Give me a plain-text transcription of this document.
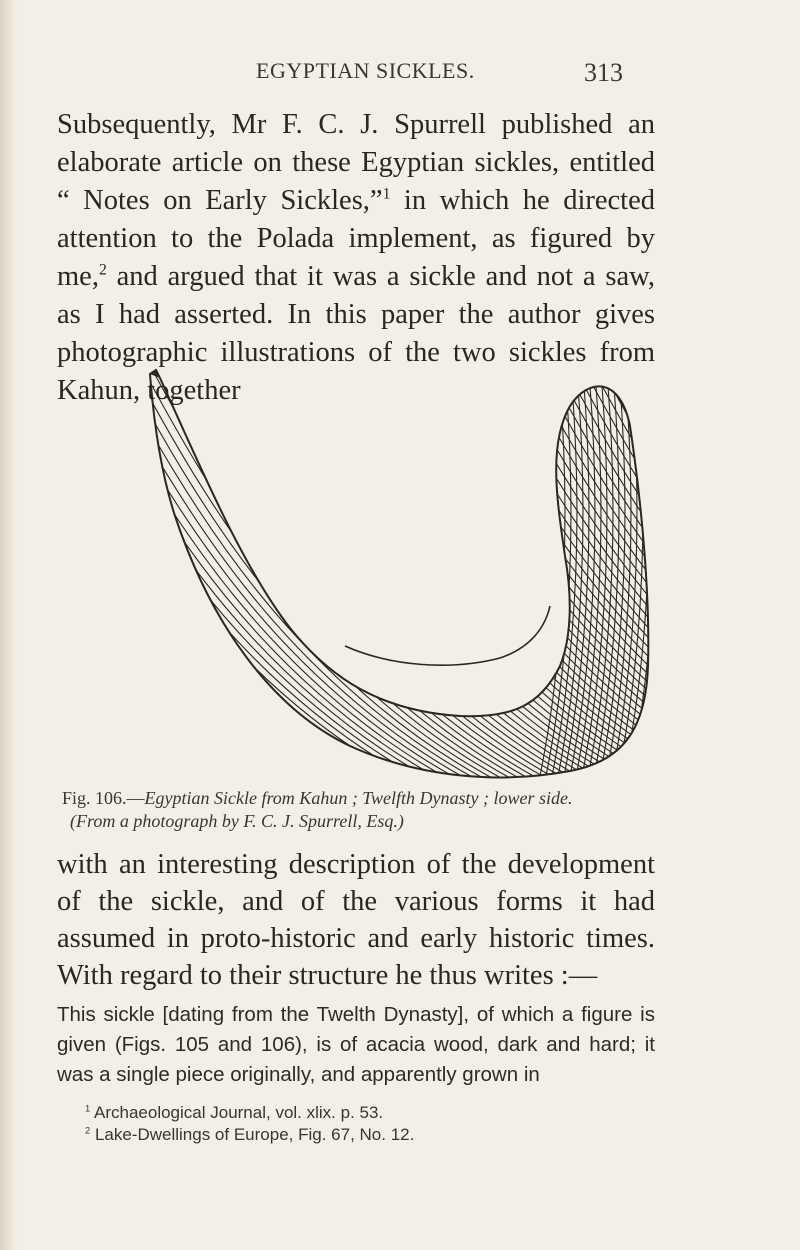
EGYPTIAN SICKLES.	313

Subsequently, Mr F. C. J. Spurrell published an elaborate article on these Egyptian sickles, entitled “ Notes on Early Sickles,”$^1$ in which he directed attention to the Polada implement, as figured by me,$^2$ and argued that it was a sickle and not a saw, as I had asserted. In this paper the author gives photographic illustrations of the two sickles from Kahun, together

Fig. 106.—Egyptian Sickle from Kahun ; Twelfth Dynasty ; lower side.
(From a photograph by F. C. J. Spurrell, Esq.)

with an interesting description of the development of the sickle, and of the various forms it had assumed in proto-historic and early historic times. With regard to their structure he thus writes :—

This sickle [dating from the Twelth Dynasty], of which a figure is given (Figs. 105 and 106), is of acacia wood, dark and hard; it was a single piece originally, and apparently grown in

$^1$ Archaeological Journal, vol. xlix. p. 53.
$^2$ Lake-Dwellings of Europe, Fig. 67, No. 12.
